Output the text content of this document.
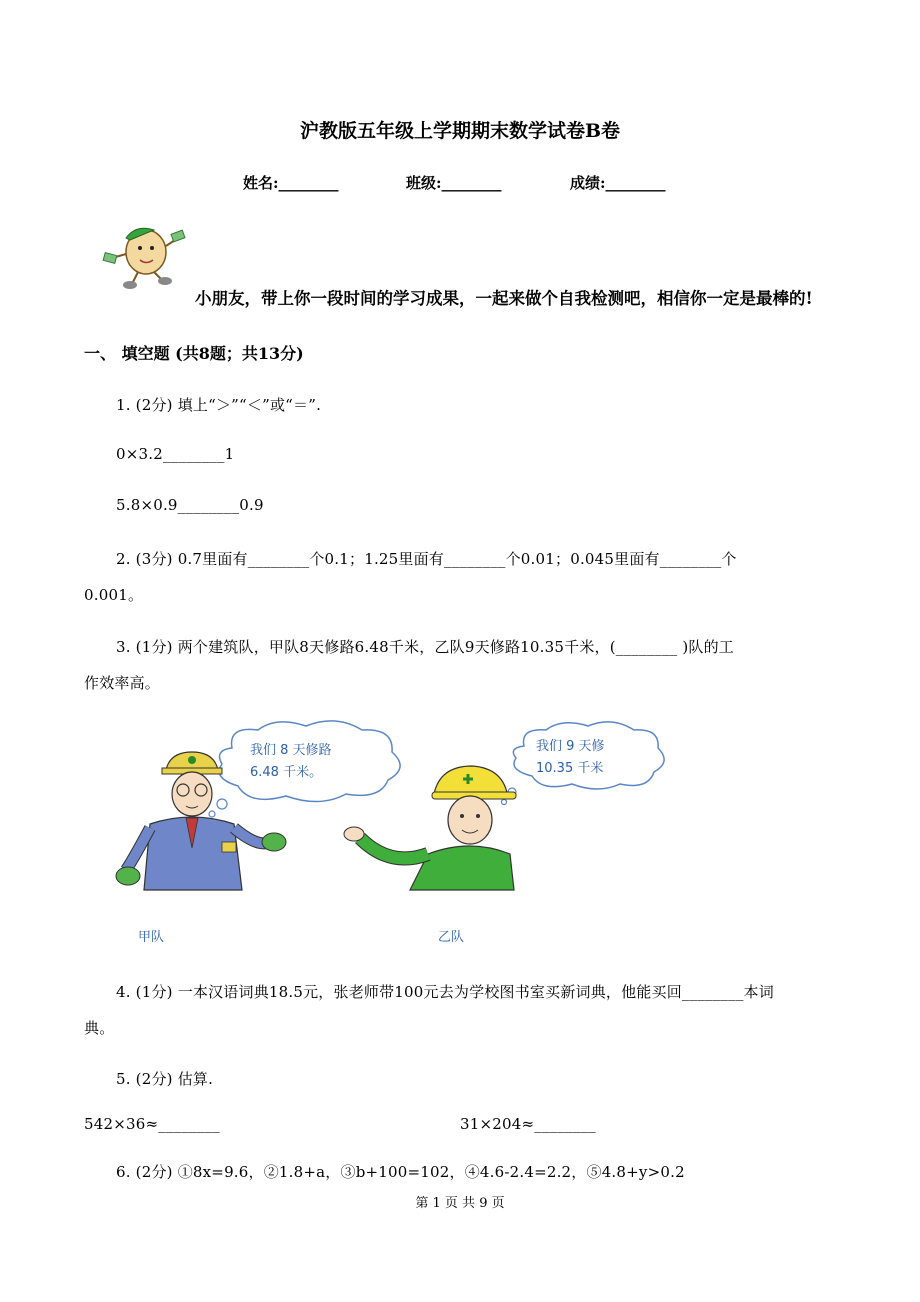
沪教版五年级上学期期末数学试卷B卷
姓名:________	班级:________	成绩:________
小朋友，带上你一段时间的学习成果，一起来做个自我检测吧，相信你一定是最棒的!
一、 填空题 (共8题；共13分)
1. (2分) 填上“＞”“＜”或“＝”.
0×3.2________1
5.8×0.9________0.9
2. (3分) 0.7里面有________个0.1；1.25里面有________个0.01；0.045里面有________个
0.001。
3. (1分) 两个建筑队，甲队8天修路6.48千米，乙队9天修路10.35千米，(________ )队的工
作效率高。
我们 8 天修路
6.48 千米。
我们 9 天修
10.35 千米
甲队	乙队
4. (1分) 一本汉语词典18.5元，张老师带100元去为学校图书室买新词典，他能买回________本词
典。
5. (2分) 估算.
542×36≈________	31×204≈________
6. (2分) ①8x=9.6，②1.8+a，③b+100=102，④4.6-2.4=2.2，⑤4.8+y>0.2
第 1 页 共 9 页
